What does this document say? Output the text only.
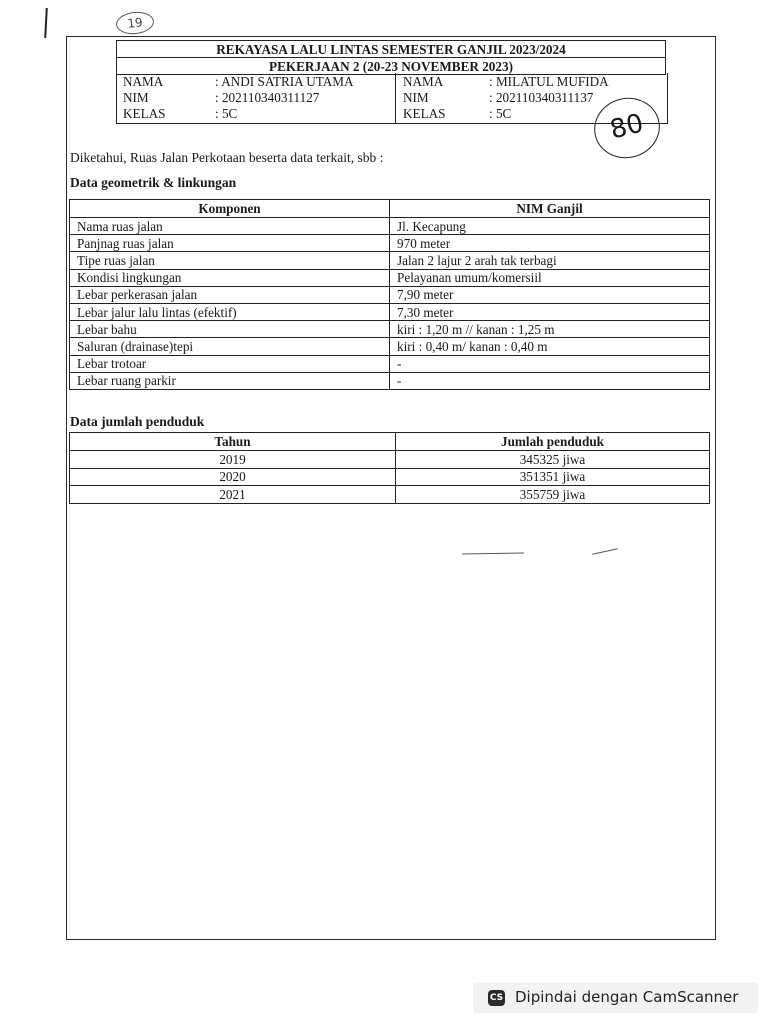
19
REKAYASA LALU LINTAS SEMESTER GANJIL 2023/2024
PEKERJAAN 2 (20-23 NOVEMBER 2023)
NAMA	: ANDI SATRIA UTAMA
NIM	: 202110340311127
KELAS	: 5C
NAMA	: MILATUL MUFIDA
NIM	: 202110340311137
KELAS	: 5C	80
Diketahui, Ruas Jalan Perkotaan beserta data terkait, sbb :
Data geometrik & linkungan
Komponen	NIM Ganjil
Nama ruas jalan	Jl. Kecapung
Panjnag ruas jalan	970 meter
Tipe ruas jalan	Jalan 2 lajur 2 arah tak terbagi
Kondisi lingkungan	Pelayanan umum/komersiil
Lebar perkerasan jalan	7,90 meter
Lebar jalur lalu lintas (efektif)	7,30 meter
Lebar bahu	kiri : 1,20 m // kanan : 1,25 m
Saluran (drainase)tepi	kiri : 0,40 m/ kanan : 0,40 m
Lebar trotoar	-
Lebar ruang parkir	-
Data jumlah penduduk
Tahun	Jumlah penduduk
2019	345325 jiwa
2020	351351 jiwa
2021	355759 jiwa
CS Dipindai dengan CamScanner
